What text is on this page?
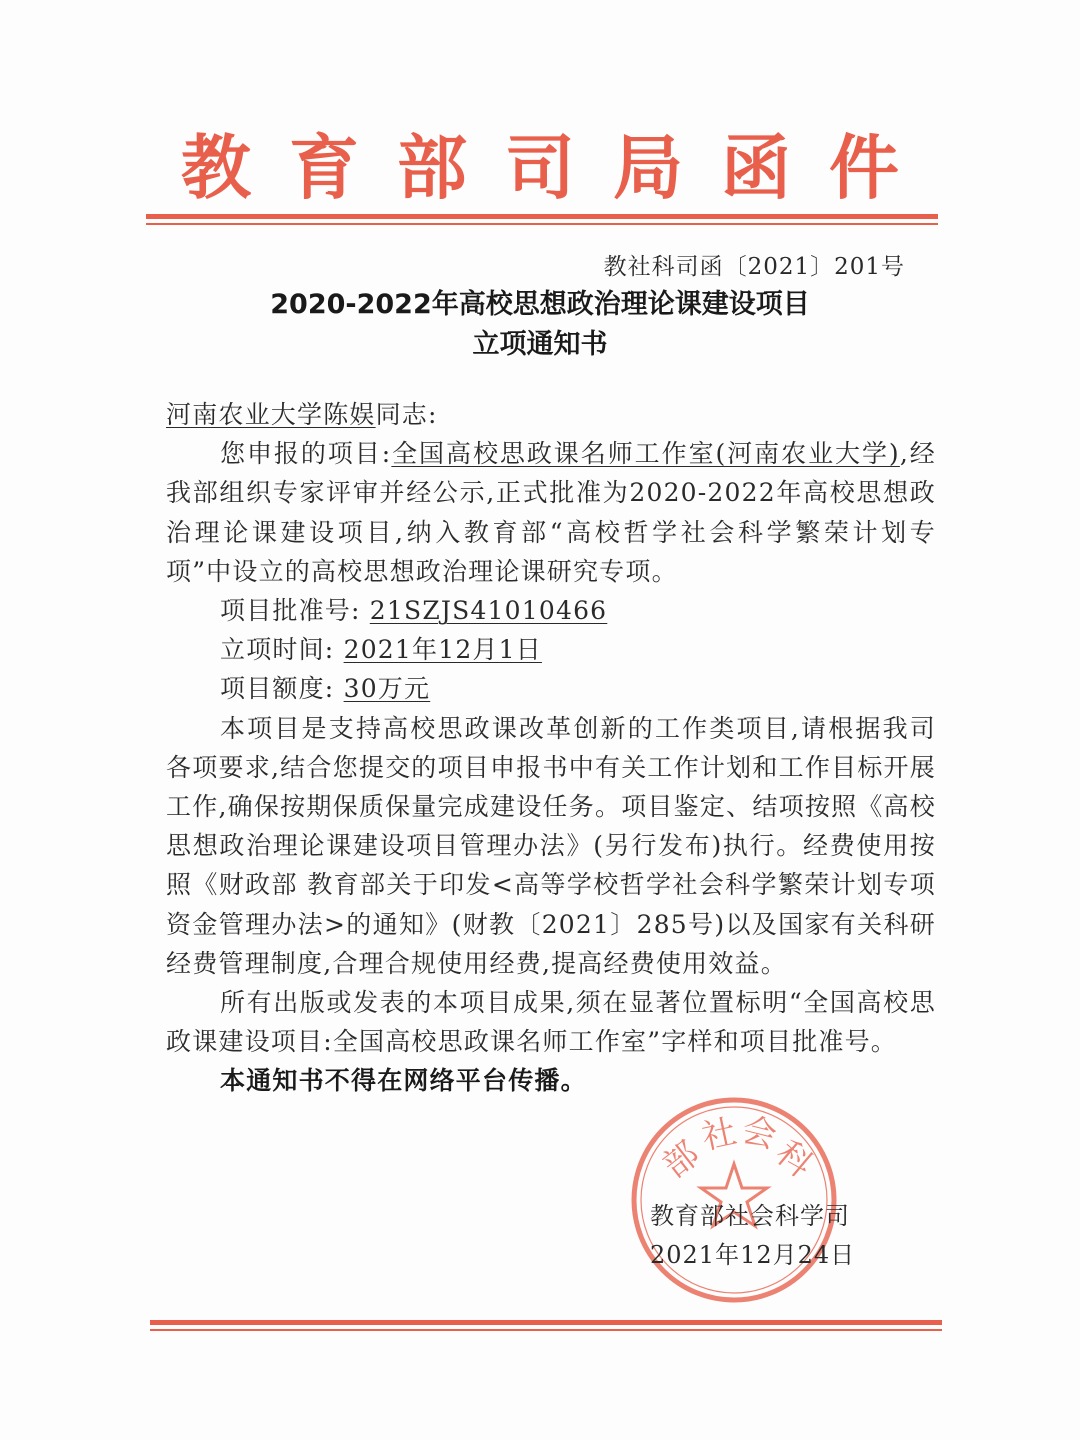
教育部司局函件
教社科司函〔2021〕201号
2020-2022年高校思想政治理论课建设项目
立项通知书

河南农业大学陈娱同志:

您申报的项目:全国高校思政课名师工作室(河南农业大学),经我部组织专家评审并经公示,正式批准为2020-2022年高校思想政治理论课建设项目,纳入教育部“高校哲学社会科学繁荣计划专项”中设立的高校思想政治理论课研究专项。

项目批准号: 21SZJS41010466

立项时间: 2021年12月1日

项目额度: 30万元

本项目是支持高校思政课改革创新的工作类项目,请根据我司各项要求,结合您提交的项目申报书中有关工作计划和工作目标开展工作,确保按期保质保量完成建设任务。项目鉴定、结项按照《高校思想政治理论课建设项目管理办法》(另行发布)执行。经费使用按照《财政部 教育部关于印发<高等学校哲学社会科学繁荣计划专项资金管理办法>的通知》(财教〔2021〕285号)以及国家有关科研经费管理制度,合理合规使用经费,提高经费使用效益。

所有出版或发表的本项目成果,须在显著位置标明“全国高校思政课建设项目:全国高校思政课名师工作室”字样和项目批准号。

本通知书不得在网络平台传播。

部
社
会
科
教育部社会科学司
2021年12月24日
